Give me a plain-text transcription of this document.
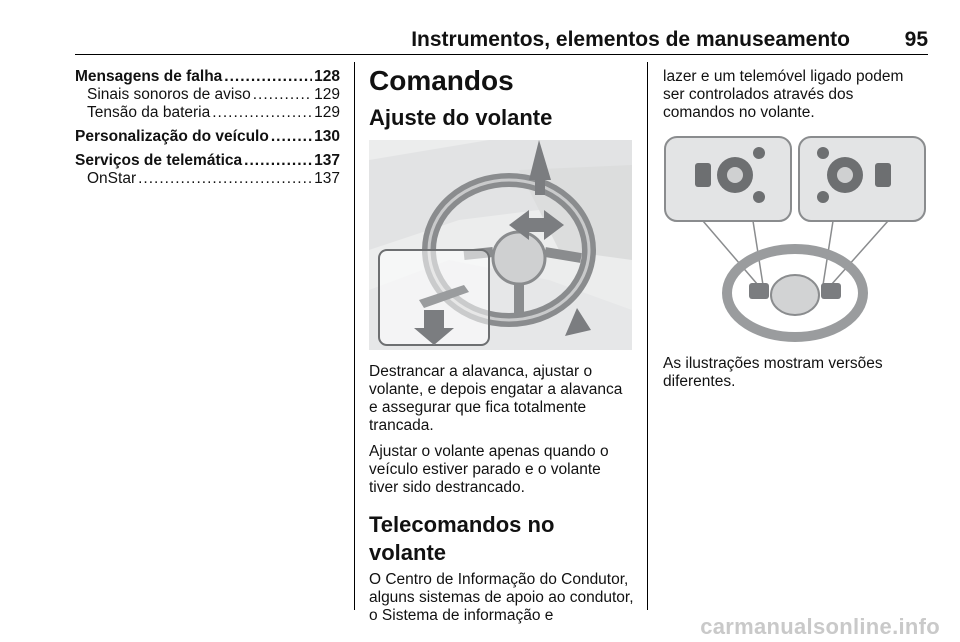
Instrumentos, elementos de manuseamento	95
Mensagens de falha .....	128
Sinais sonoros de aviso .....	129
Tensão da bateria .....	129
Personalização do veículo .....	130
Serviços de telemática .....	137
OnStar .....	137
Comandos
Ajuste do volante

Destrancar a alavanca, ajustar o volante, e depois engatar a alavanca e assegurar que fica totalmente trancada.

Ajustar o volante apenas quando o veículo estiver parado e o volante tiver sido destrancado.

Telecomandos no volante

O Centro de Informação do Condutor, alguns sistemas de apoio ao condutor, o Sistema de informação e

lazer e um telemóvel ligado podem ser controlados através dos comandos no volante.

As ilustrações mostram versões diferentes.

carmanualsonline.info
